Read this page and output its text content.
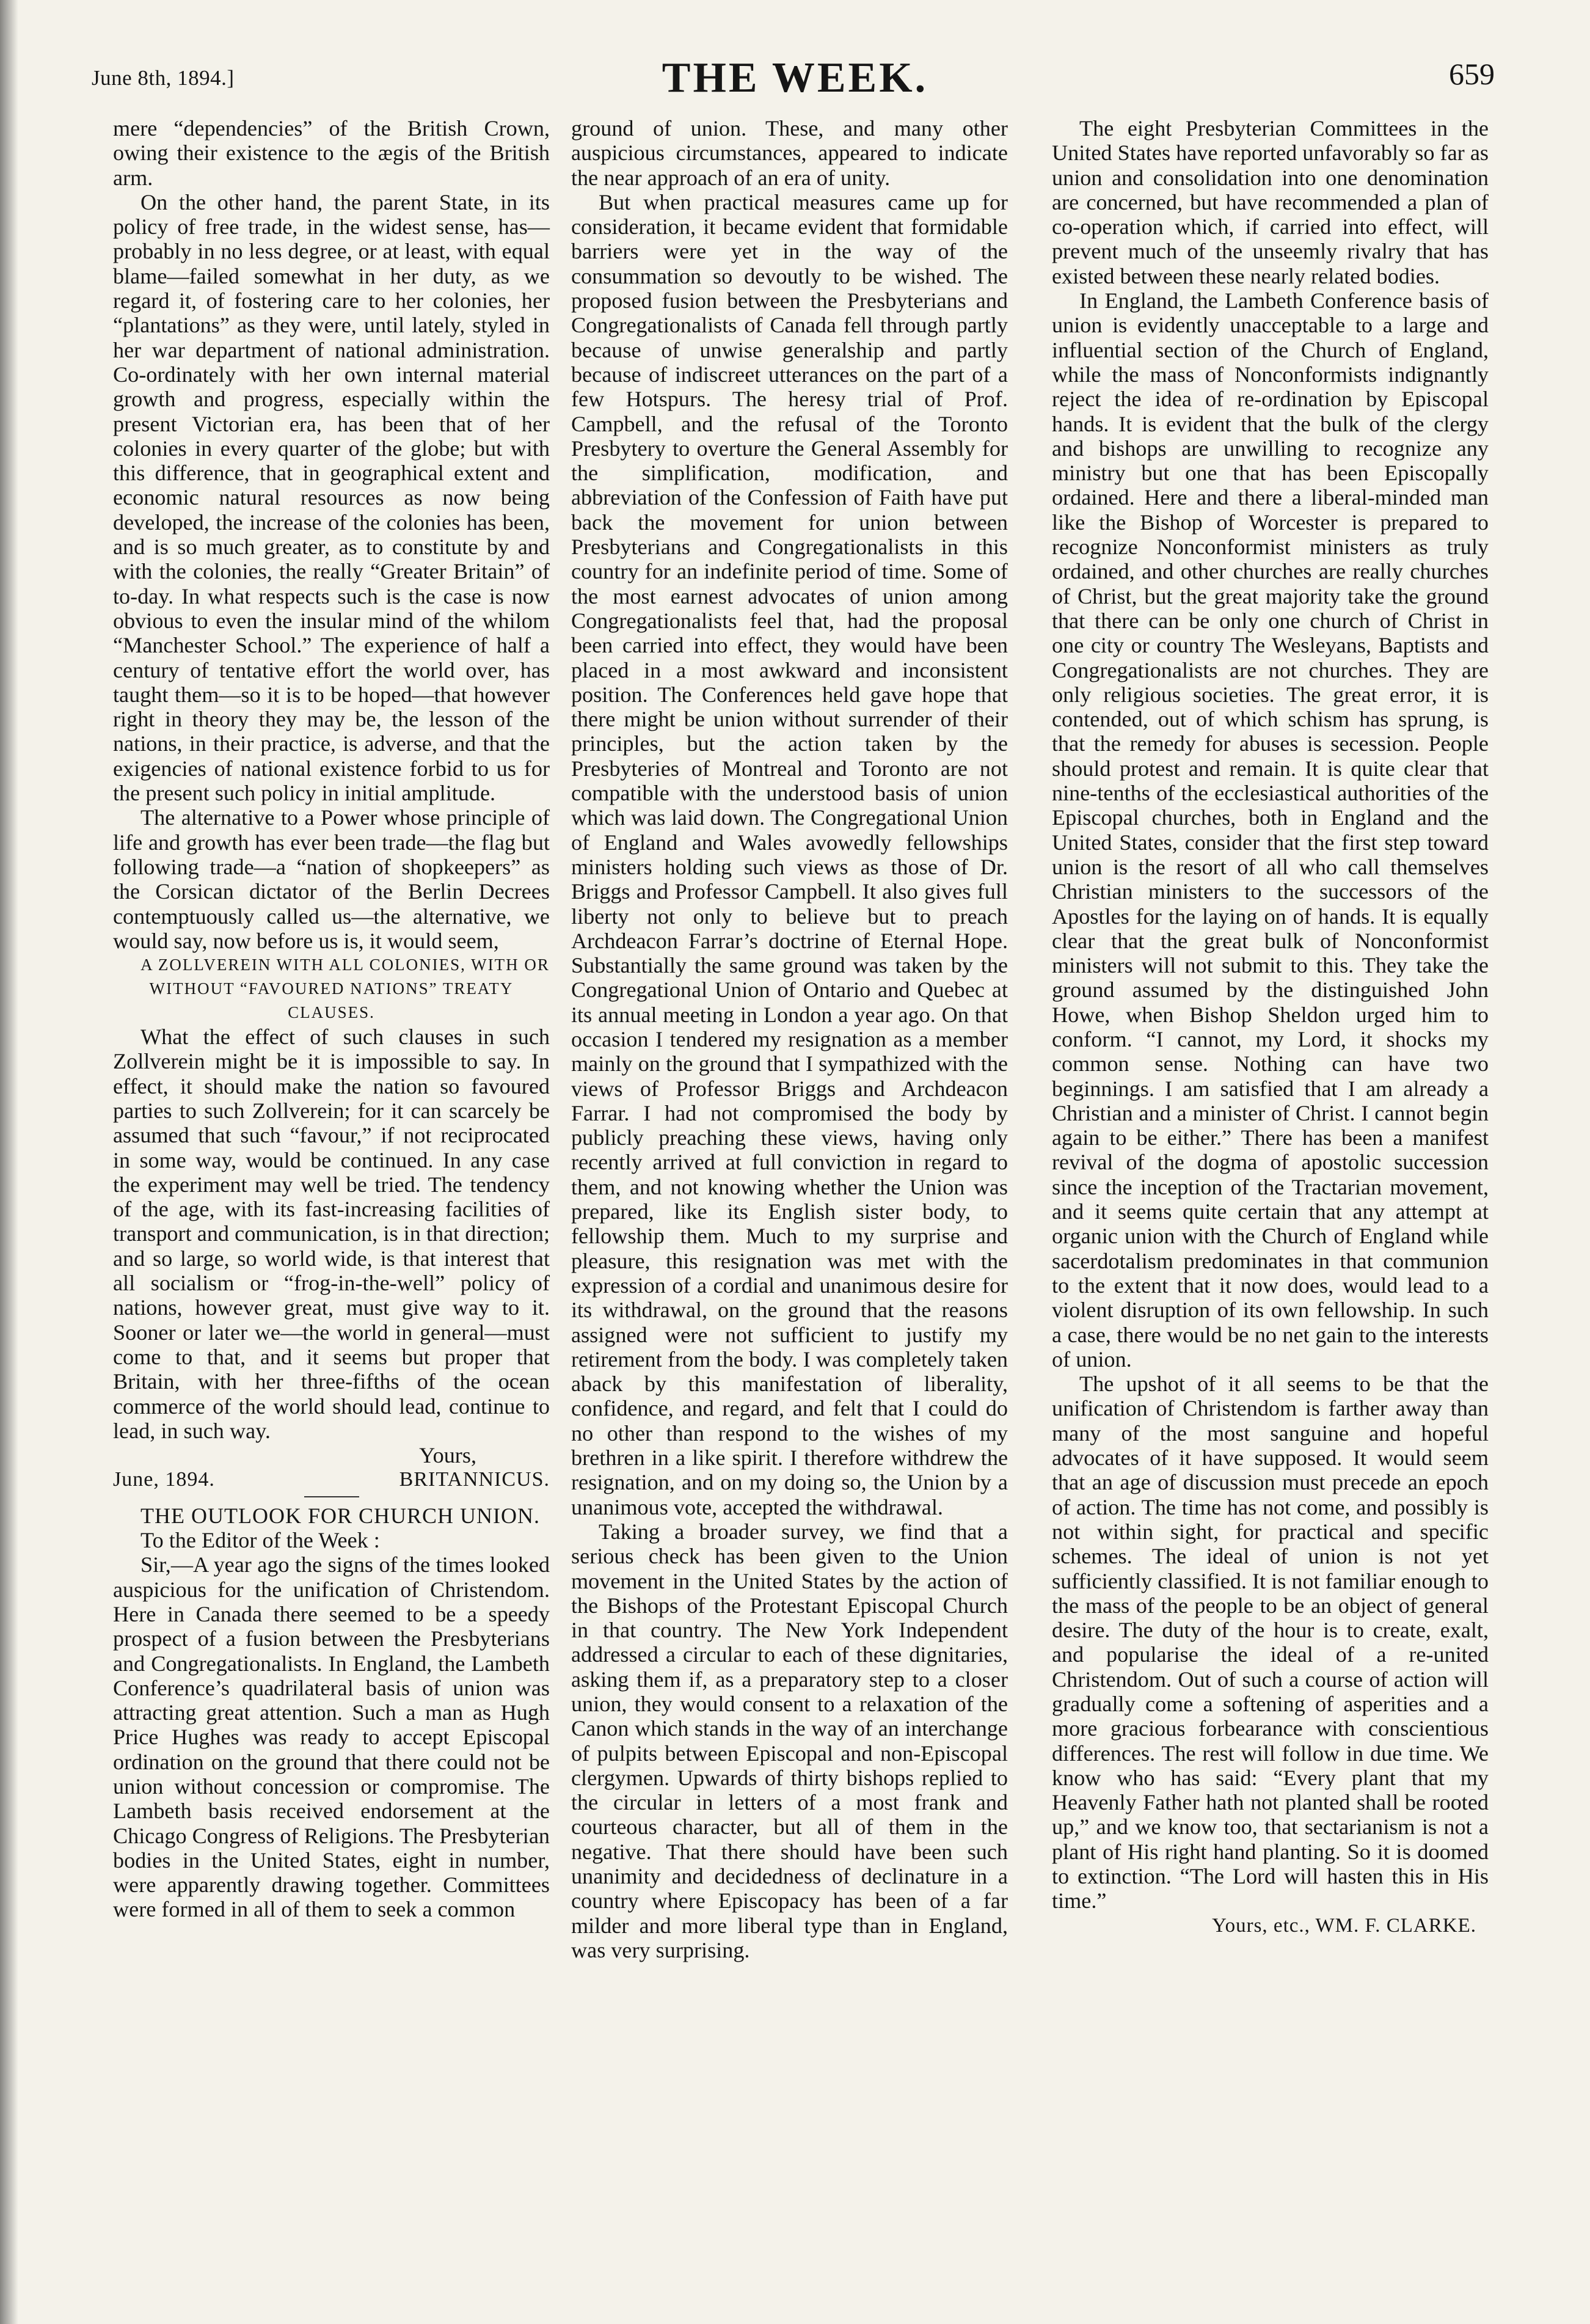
June 8th, 1894.]	THE WEEK.	659

mere “dependencies” of the British Crown, owing their existence to the ægis of the British arm.

On the other hand, the parent State, in its policy of free trade, in the widest sense, has—probably in no less degree, or at least, with equal blame—failed somewhat in her duty, as we regard it, of fostering care to her colonies, her “plantations” as they were, until lately, styled in her war department of national administration. Co-ordinately with her own internal material growth and progress, especially within the present Victorian era, has been that of her colonies in every quarter of the globe; but with this difference, that in geographical extent and economic natural resources as now being developed, the increase of the colonies has been, and is so much greater, as to constitute by and with the colonies, the really “Greater Britain” of to-day. In what respects such is the case is now obvious to even the insular mind of the whilom “Manchester School.” The experience of half a century of tentative effort the world over, has taught them—so it is to be hoped—that however right in theory they may be, the lesson of the nations, in their practice, is adverse, and that the exigencies of national existence forbid to us for the present such policy in initial amplitude.

The alternative to a Power whose principle of life and growth has ever been trade—the flag but following trade—a “nation of shopkeepers” as the Corsican dictator of the Berlin Decrees contemptuously called us—the alternative, we would say, now before us is, it would seem,

A ZOLLVEREIN WITH ALL COLONIES, WITH OR WITHOUT “FAVOURED NATIONS” TREATY CLAUSES.

What the effect of such clauses in such Zollverein might be it is impossible to say. In effect, it should make the nation so favoured parties to such Zollverein; for it can scarcely be assumed that such “favour,” if not reciprocated in some way, would be continued. In any case the experiment may well be tried. The tendency of the age, with its fast-increasing facilities of transport and communication, is in that direction; and so large, so world wide, is that interest that all socialism or “frog-in-the-well” policy of nations, however great, must give way to it. Sooner or later we—the world in general—must come to that, and it seems but proper that Britain, with her three-fifths of the ocean commerce of the world should lead, continue to lead, in such way.

Yours,
June, 1894.	BRITANNICUS.

THE OUTLOOK FOR CHURCH UNION.

To the Editor of the Week :

Sir,—A year ago the signs of the times looked auspicious for the unification of Christendom. Here in Canada there seemed to be a speedy prospect of a fusion between the Presbyterians and Congregationalists. In England, the Lambeth Conference’s quadrilateral basis of union was attracting great attention. Such a man as Hugh Price Hughes was ready to accept Episcopal ordination on the ground that there could not be union without concession or compromise. The Lambeth basis received endorsement at the Chicago Congress of Religions. The Presbyterian bodies in the United States, eight in number, were apparently drawing together. Committees were formed in all of them to seek a common

ground of union. These, and many other auspicious circumstances, appeared to indicate the near approach of an era of unity.

But when practical measures came up for consideration, it became evident that formidable barriers were yet in the way of the consummation so devoutly to be wished. The proposed fusion between the Presbyterians and Congregationalists of Canada fell through partly because of unwise generalship and partly because of indiscreet utterances on the part of a few Hotspurs. The heresy trial of Prof. Campbell, and the refusal of the Toronto Presbytery to overture the General Assembly for the simplification, modification, and abbreviation of the Confession of Faith have put back the movement for union between Presbyterians and Congregationalists in this country for an indefinite period of time. Some of the most earnest advocates of union among Congregationalists feel that, had the proposal been carried into effect, they would have been placed in a most awkward and inconsistent position. The Conferences held gave hope that there might be union without surrender of their principles, but the action taken by the Presbyteries of Montreal and Toronto are not compatible with the understood basis of union which was laid down. The Congregational Union of England and Wales avowedly fellowships ministers holding such views as those of Dr. Briggs and Professor Campbell. It also gives full liberty not only to believe but to preach Archdeacon Farrar’s doctrine of Eternal Hope. Substantially the same ground was taken by the Congregational Union of Ontario and Quebec at its annual meeting in London a year ago. On that occasion I tendered my resignation as a member mainly on the ground that I sympathized with the views of Professor Briggs and Archdeacon Farrar. I had not compromised the body by publicly preaching these views, having only recently arrived at full conviction in regard to them, and not knowing whether the Union was prepared, like its English sister body, to fellowship them. Much to my surprise and pleasure, this resignation was met with the expression of a cordial and unanimous desire for its withdrawal, on the ground that the reasons assigned were not sufficient to justify my retirement from the body. I was completely taken aback by this manifestation of liberality, confidence, and regard, and felt that I could do no other than respond to the wishes of my brethren in a like spirit. I therefore withdrew the resignation, and on my doing so, the Union by a unanimous vote, accepted the withdrawal.

Taking a broader survey, we find that a serious check has been given to the Union movement in the United States by the action of the Bishops of the Protestant Episcopal Church in that country. The New York Independent addressed a circular to each of these dignitaries, asking them if, as a preparatory step to a closer union, they would consent to a relaxation of the Canon which stands in the way of an interchange of pulpits between Episcopal and non-Episcopal clergymen. Upwards of thirty bishops replied to the circular in letters of a most frank and courteous character, but all of them in the negative. That there should have been such unanimity and decidedness of declinature in a country where Episcopacy has been of a far milder and more liberal type than in England, was very surprising.

The eight Presbyterian Committees in the United States have reported unfavorably so far as union and consolidation into one denomination are concerned, but have recommended a plan of co-operation which, if carried into effect, will prevent much of the unseemly rivalry that has existed between these nearly related bodies.

In England, the Lambeth Conference basis of union is evidently unacceptable to a large and influential section of the Church of England, while the mass of Nonconformists indignantly reject the idea of re-ordination by Episcopal hands. It is evident that the bulk of the clergy and bishops are unwilling to recognize any ministry but one that has been Episcopally ordained. Here and there a liberal-minded man like the Bishop of Worcester is prepared to recognize Nonconformist ministers as truly ordained, and other churches are really churches of Christ, but the great majority take the ground that there can be only one church of Christ in one city or country The Wesleyans, Baptists and Congregationalists are not churches. They are only religious societies. The great error, it is contended, out of which schism has sprung, is that the remedy for abuses is secession. People should protest and remain. It is quite clear that nine-tenths of the ecclesiastical authorities of the Episcopal churches, both in England and the United States, consider that the first step toward union is the resort of all who call themselves Christian ministers to the successors of the Apostles for the laying on of hands. It is equally clear that the great bulk of Nonconformist ministers will not submit to this. They take the ground assumed by the distinguished John Howe, when Bishop Sheldon urged him to conform. “I cannot, my Lord, it shocks my common sense. Nothing can have two beginnings. I am satisfied that I am already a Christian and a minister of Christ. I cannot begin again to be either.” There has been a manifest revival of the dogma of apostolic succession since the inception of the Tractarian movement, and it seems quite certain that any attempt at organic union with the Church of England while sacerdotalism predominates in that communion to the extent that it now does, would lead to a violent disruption of its own fellowship. In such a case, there would be no net gain to the interests of union.

The upshot of it all seems to be that the unification of Christendom is farther away than many of the most sanguine and hopeful advocates of it have supposed. It would seem that an age of discussion must precede an epoch of action. The time has not come, and possibly is not within sight, for practical and specific schemes. The ideal of union is not yet sufficiently classified. It is not familiar enough to the mass of the people to be an object of general desire. The duty of the hour is to create, exalt, and popularise the ideal of a re-united Christendom. Out of such a course of action will gradually come a softening of asperities and a more gracious forbearance with conscientious differences. The rest will follow in due time. We know who has said: “Every plant that my Heavenly Father hath not planted shall be rooted up,” and we know too, that sectarianism is not a plant of His right hand planting. So it is doomed to extinction. “The Lord will hasten this in His time.”

Yours, etc., WM. F. CLARKE.
